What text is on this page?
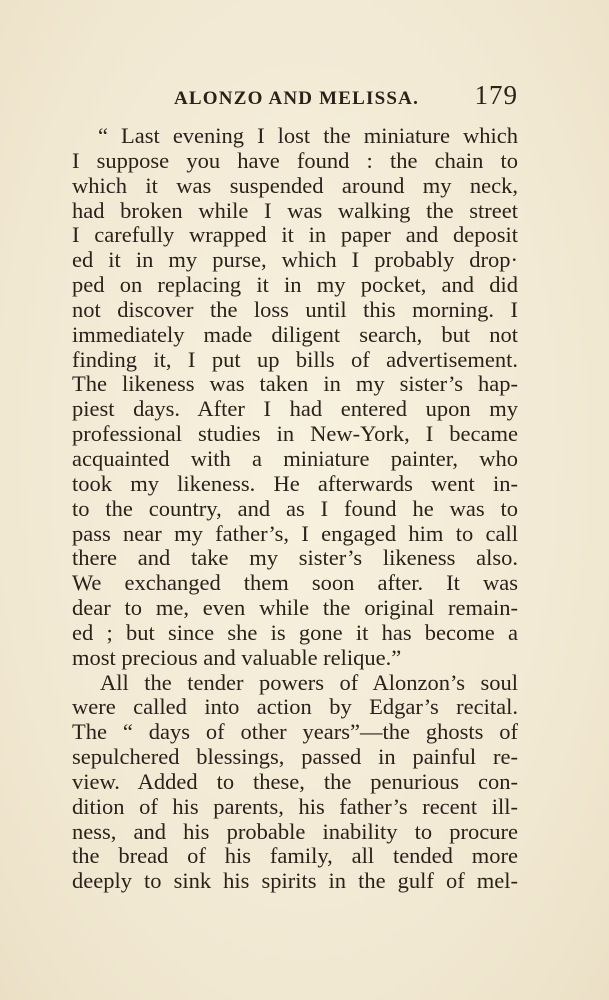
ALONZO AND MELISSA. 179
“ Last evening I lost the miniature which
I suppose you have found : the chain to
which it was suspended around my neck,
had broken while I was walking the street
I carefully wrapped it in paper and deposit
ed it in my purse, which I probably drop·
ped on replacing it in my pocket, and did
not discover the loss until this morning. I
immediately made diligent search, but not
finding it, I put up bills of advertisement.
The likeness was taken in my sister’s hap-
piest days. After I had entered upon my
professional studies in New-York, I became
acquainted with a miniature painter, who
took my likeness. He afterwards went in-
to the country, and as I found he was to
pass near my father’s, I engaged him to call
there and take my sister’s likeness also.
We exchanged them soon after. It was
dear to me, even while the original remain-
ed ; but since she is gone it has become a
most precious and valuable relique.”
All the tender powers of Alonzon’s soul
were called into action by Edgar’s recital.
The “ days of other years”—the ghosts of
sepulchered blessings, passed in painful re-
view. Added to these, the penurious con-
dition of his parents, his father’s recent ill-
ness, and his probable inability to procure
the bread of his family, all tended more
deeply to sink his spirits in the gulf of mel-
